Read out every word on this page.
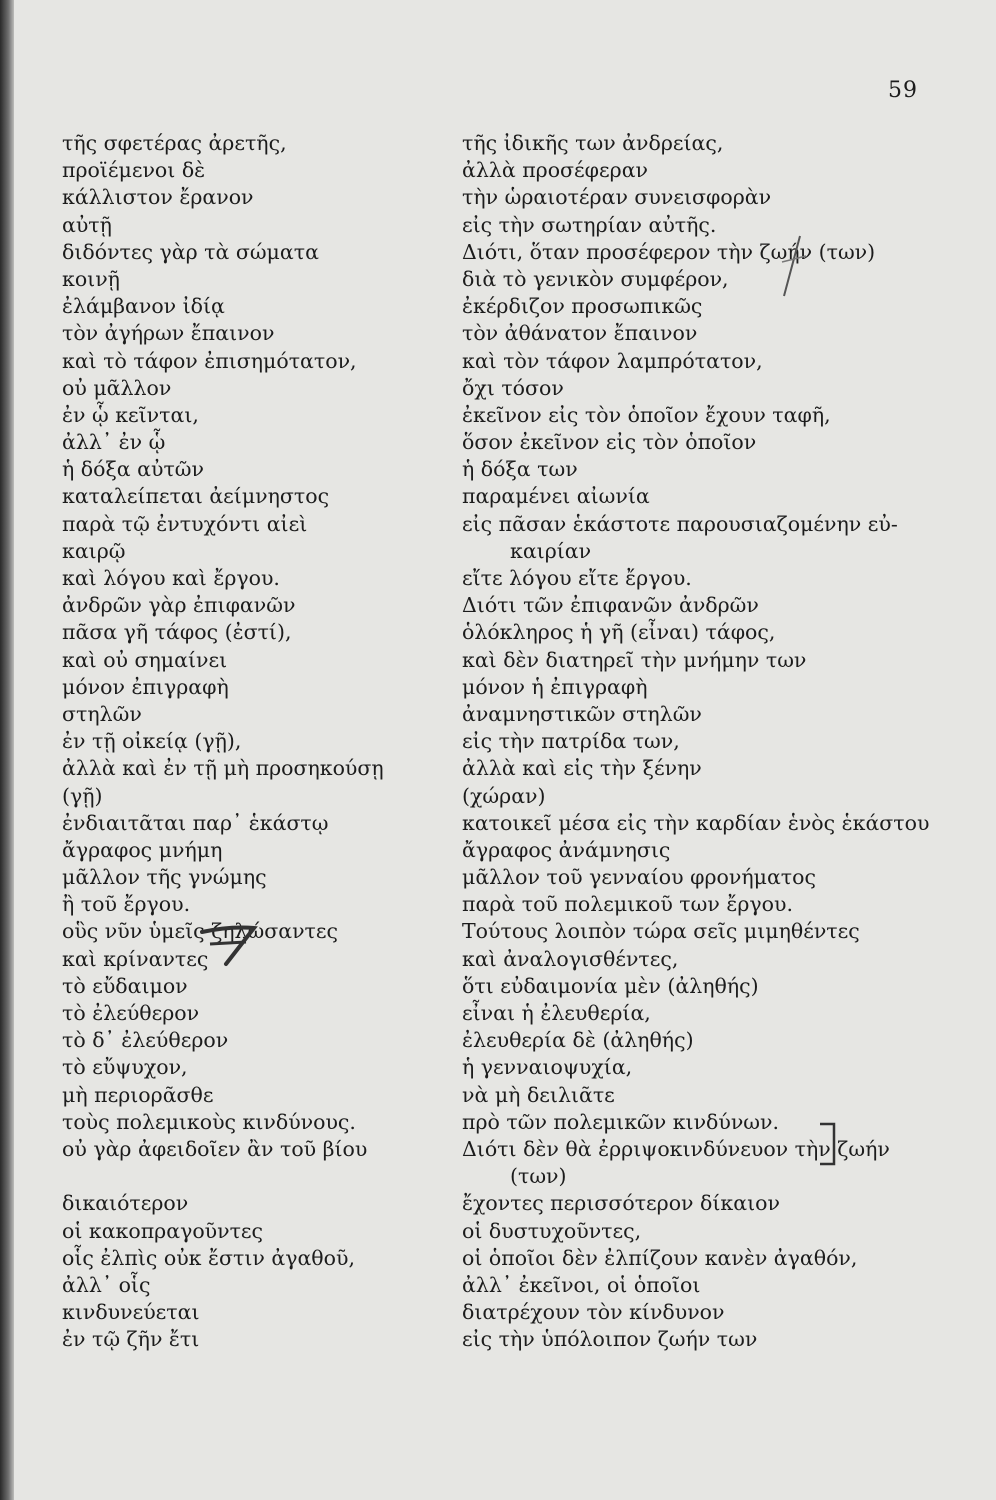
59
τῆς σφετέρας ἀρετῆς,
προϊέμενοι δὲ
κάλλιστον ἔρανον
αὐτῇ
διδόντες γὰρ τὰ σώματα
κοινῇ
ἐλάμβανον ἰδίᾳ
τὸν ἀγήρων ἔπαινον
καὶ τὸ τάφον ἐπισημότατον,
οὐ μᾶλλον
ἐν ᾧ κεῖνται,
ἀλλ᾽ ἐν ᾧ
ἡ δόξα αὐτῶν
καταλείπεται ἀείμνηστος
παρὰ τῷ ἐντυχόντι αἰεὶ
καιρῷ
καὶ λόγου καὶ ἔργου.
ἀνδρῶν γὰρ ἐπιφανῶν
πᾶσα γῆ τάφος (ἐστί),
καὶ οὐ σημαίνει
μόνον ἐπιγραφὴ
στηλῶν
ἐν τῇ οἰκείᾳ (γῇ),
ἀλλὰ καὶ ἐν τῇ μὴ προσηκούσῃ
(γῇ)
ἐνδιαιτᾶται παρ᾽ ἑκάστῳ
ἄγραφος μνήμη
μᾶλλον τῆς γνώμης
ἢ τοῦ ἔργου.
οὓς νῦν ὑμεῖς ζηλώσαντες
καὶ κρίναντες
τὸ εὔδαιμον
τὸ ἐλεύθερον
τὸ δ᾽ ἐλεύθερον
τὸ εὔψυχον,
μὴ περιορᾶσθε
τοὺς πολεμικοὺς κινδύνους.
οὐ γὰρ ἀφειδοῖεν ἂν τοῦ βίου
δικαιότερον
οἱ κακοπραγοῦντες
οἷς ἐλπὶς οὐκ ἔστιν ἀγαθοῦ,
ἀλλ᾽ οἷς
κινδυνεύεται
ἐν τῷ ζῆν ἔτι
τῆς ἰδικῆς των ἀνδρείας,
ἀλλὰ προσέφεραν
τὴν ὡραιοτέραν συνεισφορὰν
εἰς τὴν σωτηρίαν αὐτῆς.
Διότι, ὅταν προσέφερον τὴν ζωήν (των)
διὰ τὸ γενικὸν συμφέρον,
ἐκέρδιζον προσωπικῶς
τὸν ἀθάνατον ἔπαινον
καὶ τὸν τάφον λαμπρότατον,
ὄχι τόσον
ἐκεῖνον εἰς τὸν ὁποῖον ἔχουν ταφῆ,
ὅσον ἐκεῖνον εἰς τὸν ὁποῖον
ἡ δόξα των
παραμένει αἰωνία
εἰς πᾶσαν ἑκάστοτε παρουσιαζομένην εὐ-
καιρίαν
εἴτε λόγου εἴτε ἔργου.
Διότι τῶν ἐπιφανῶν ἀνδρῶν
ὁλόκληρος ἡ γῆ (εἶναι) τάφος,
καὶ δὲν διατηρεῖ τὴν μνήμην των
μόνον ἡ ἐπιγραφὴ
ἀναμνηστικῶν στηλῶν
εἰς τὴν πατρίδα των,
ἀλλὰ καὶ εἰς τὴν ξένην
(χώραν)
κατοικεῖ μέσα εἰς τὴν καρδίαν ἑνὸς ἑκάστου
ἄγραφος ἀνάμνησις
μᾶλλον τοῦ γενναίου φρονήματος
παρὰ τοῦ πολεμικοῦ των ἔργου.
Τούτους λοιπὸν τώρα σεῖς μιμηθέντες
καὶ ἀναλογισθέντες,
ὅτι εὐδαιμονία μὲν (ἀληθής)
εἶναι ἡ ἐλευθερία,
ἐλευθερία δὲ (ἀληθής)
ἡ γενναιοψυχία,
νὰ μὴ δειλιᾶτε
πρὸ τῶν πολεμικῶν κινδύνων.
Διότι δὲν θὰ ἐρριψοκινδύνευον τὴν ζωήν
(των)
ἔχοντες περισσότερον δίκαιον
οἱ δυστυχοῦντες,
οἱ ὁποῖοι δὲν ἐλπίζουν κανὲν ἀγαθόν,
ἀλλ᾽ ἐκεῖνοι, οἱ ὁποῖοι
διατρέχουν τὸν κίνδυνον
εἰς τὴν ὑπόλοιπον ζωήν των
